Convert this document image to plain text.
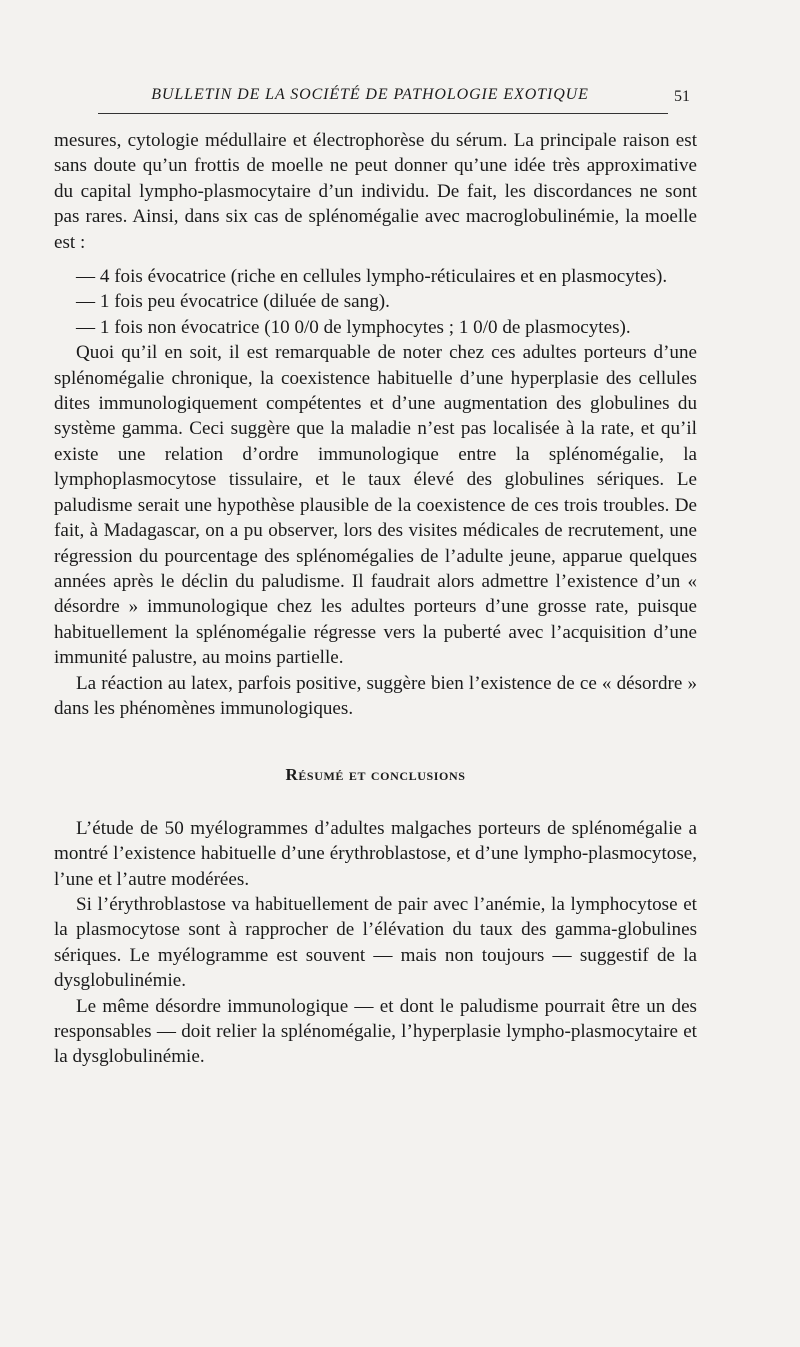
BULLETIN DE LA SOCIÉTÉ DE PATHOLOGIE EXOTIQUE	51

mesures, cytologie médullaire et électrophorèse du sérum. La principale raison est sans doute qu’un frottis de moelle ne peut donner qu’une idée très approximative du capital lympho-plasmocytaire d’un individu. De fait, les discordances ne sont pas rares. Ainsi, dans six cas de splénomégalie avec macroglobulinémie, la moelle est :

— 4 fois évocatrice (riche en cellules lympho-réticulaires et en plasmocytes).

— 1 fois peu évocatrice (diluée de sang).

— 1 fois non évocatrice (10 0/0 de lymphocytes ; 1 0/0 de plasmocytes).

Quoi qu’il en soit, il est remarquable de noter chez ces adultes porteurs d’une splénomégalie chronique, la coexistence habituelle d’une hyperplasie des cellules dites immunologiquement compétentes et d’une augmentation des globulines du système gamma. Ceci suggère que la maladie n’est pas localisée à la rate, et qu’il existe une relation d’ordre immunologique entre la splénomégalie, la lymphoplasmocytose tissulaire, et le taux élevé des globulines sériques. Le paludisme serait une hypothèse plausible de la coexistence de ces trois troubles. De fait, à Madagascar, on a pu observer, lors des visites médicales de recrutement, une régression du pourcentage des splénomégalies de l’adulte jeune, apparue quelques années après le déclin du paludisme. Il faudrait alors admettre l’existence d’un « désordre » immunologique chez les adultes porteurs d’une grosse rate, puisque habituellement la splénomégalie régresse vers la puberté avec l’acquisition d’une immunité palustre, au moins partielle.

La réaction au latex, parfois positive, suggère bien l’existence de ce « désordre » dans les phénomènes immunologiques.

Résumé et conclusions

L’étude de 50 myélogrammes d’adultes malgaches porteurs de splénomégalie a montré l’existence habituelle d’une érythroblastose, et d’une lympho-plasmocytose, l’une et l’autre modérées.

Si l’érythroblastose va habituellement de pair avec l’anémie, la lymphocytose et la plasmocytose sont à rapprocher de l’élévation du taux des gamma-globulines sériques. Le myélogramme est souvent — mais non toujours — suggestif de la dysglobulinémie.

Le même désordre immunologique — et dont le paludisme pourrait être un des responsables — doit relier la splénomégalie, l’hyperplasie lympho-plasmocytaire et la dysglobulinémie.
